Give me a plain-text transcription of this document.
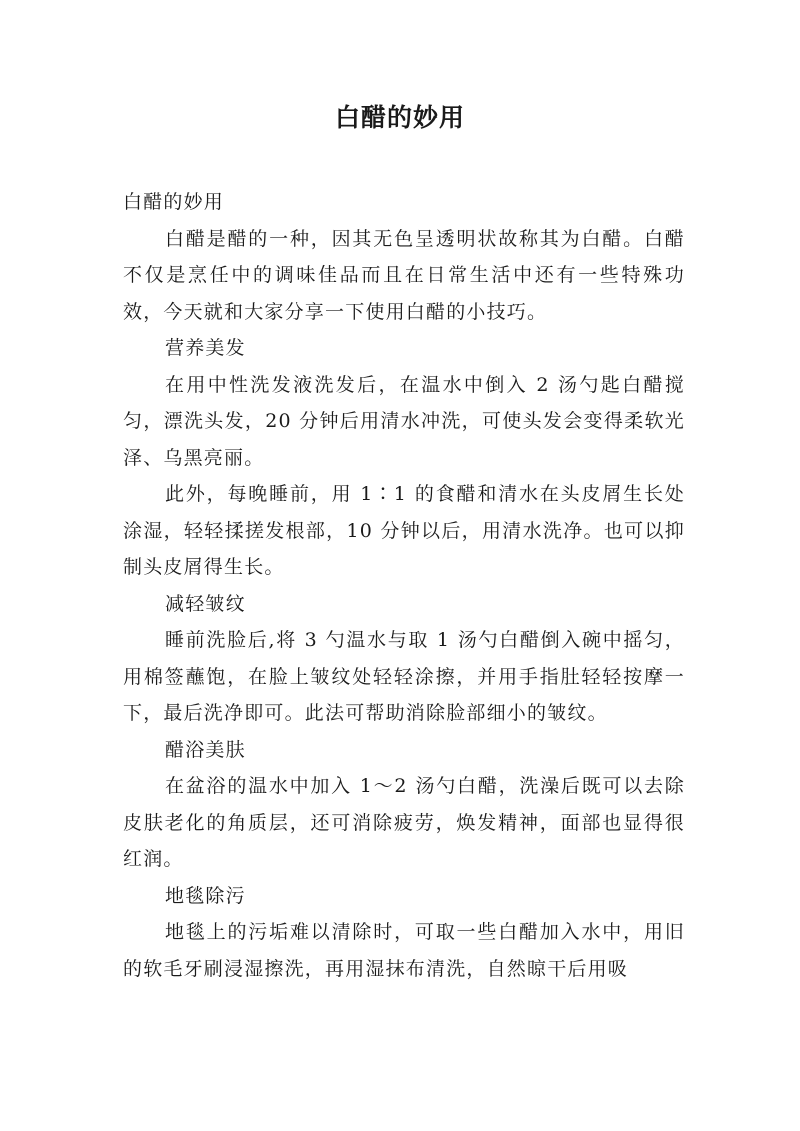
白醋的妙用

白醋的妙用

白醋是醋的一种，因其无色呈透明状故称其为白醋。白醋不仅是烹任中的调味佳品而且在日常生活中还有一些特殊功效，今天就和大家分享一下使用白醋的小技巧。

营养美发

在用中性洗发液洗发后，在温水中倒入 2 汤勺匙白醋搅匀，漂洗头发，20 分钟后用清水冲洗，可使头发会变得柔软光泽、乌黑亮丽。

此外，每晚睡前，用 1∶1 的食醋和清水在头皮屑生长处涂湿，轻轻揉搓发根部，10 分钟以后，用清水洗净。也可以抑制头皮屑得生长。

减轻皱纹

睡前洗脸后,将 3 勺温水与取 1 汤勺白醋倒入碗中摇匀，用棉签蘸饱，在脸上皱纹处轻轻涂擦，并用手指肚轻轻按摩一下，最后洗净即可。此法可帮助消除脸部细小的皱纹。

醋浴美肤

在盆浴的温水中加入 1～2 汤勺白醋，洗澡后既可以去除皮肤老化的角质层，还可消除疲劳，焕发精神，面部也显得很红润。

地毯除污

地毯上的污垢难以清除时，可取一些白醋加入水中，用旧的软毛牙刷浸湿擦洗，再用湿抹布清洗，自然晾干后用吸
